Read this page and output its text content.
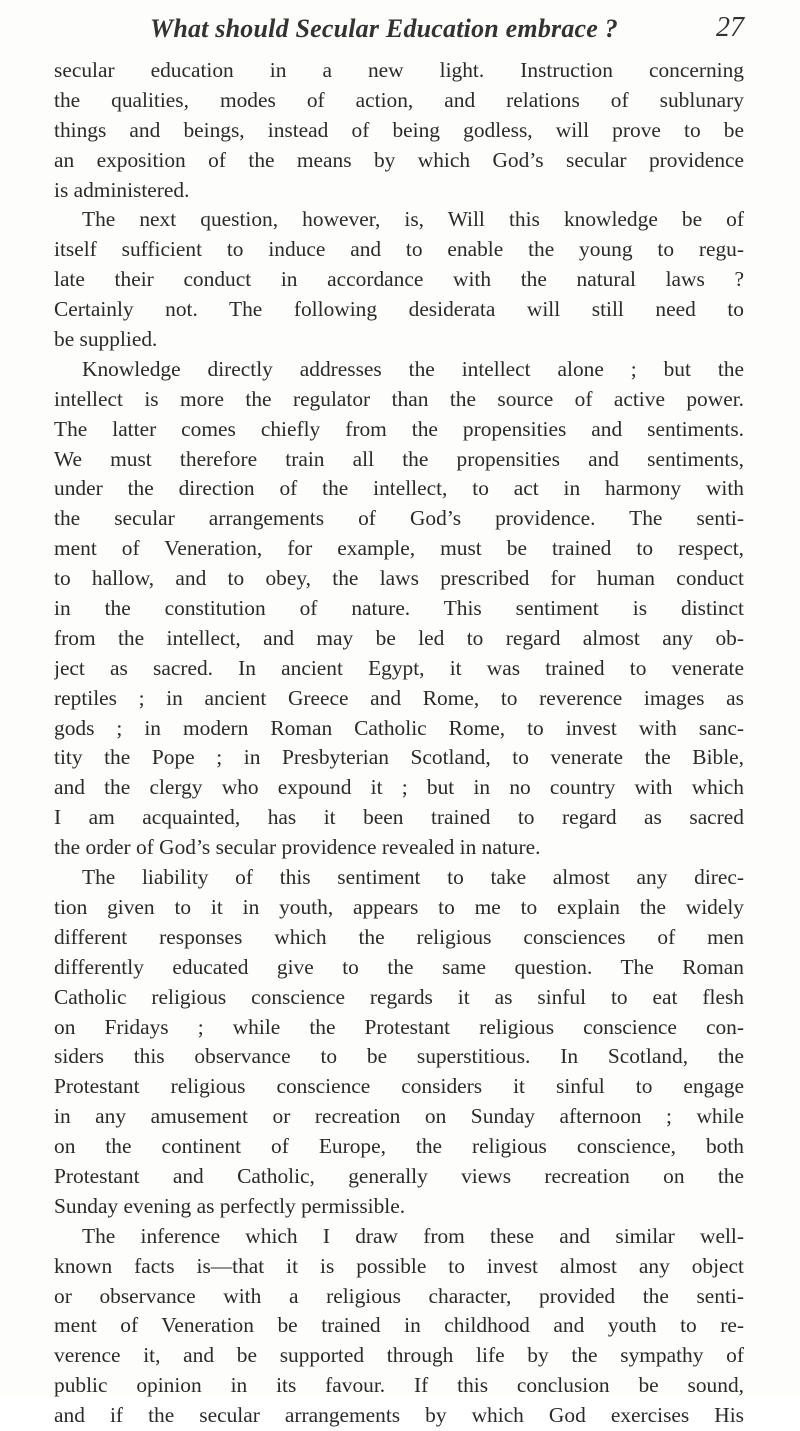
What should Secular Education embrace ?	27
secular education in a new light. Instruction concerning
the qualities, modes of action, and relations of sublunary
things and beings, instead of being godless, will prove to be
an exposition of the means by which God’s secular providence
is administered.
The next question, however, is, Will this knowledge be of
itself sufficient to induce and to enable the young to regu-
late their conduct in accordance with the natural laws ?
Certainly not. The following desiderata will still need to
be supplied.
Knowledge directly addresses the intellect alone ; but the
intellect is more the regulator than the source of active power.
The latter comes chiefly from the propensities and sentiments.
We must therefore train all the propensities and sentiments,
under the direction of the intellect, to act in harmony with
the secular arrangements of God’s providence. The senti-
ment of Veneration, for example, must be trained to respect,
to hallow, and to obey, the laws prescribed for human conduct
in the constitution of nature. This sentiment is distinct
from the intellect, and may be led to regard almost any ob-
ject as sacred. In ancient Egypt, it was trained to venerate
reptiles ; in ancient Greece and Rome, to reverence images as
gods ; in modern Roman Catholic Rome, to invest with sanc-
tity the Pope ; in Presbyterian Scotland, to venerate the Bible,
and the clergy who expound it ; but in no country with which
I am acquainted, has it been trained to regard as sacred
the order of God’s secular providence revealed in nature.
The liability of this sentiment to take almost any direc-
tion given to it in youth, appears to me to explain the widely
different responses which the religious consciences of men
differently educated give to the same question. The Roman
Catholic religious conscience regards it as sinful to eat flesh
on Fridays ; while the Protestant religious conscience con-
siders this observance to be superstitious. In Scotland, the
Protestant religious conscience considers it sinful to engage
in any amusement or recreation on Sunday afternoon ; while
on the continent of Europe, the religious conscience, both
Protestant and Catholic, generally views recreation on the
Sunday evening as perfectly permissible.
The inference which I draw from these and similar well-
known facts is—that it is possible to invest almost any object
or observance with a religious character, provided the senti-
ment of Veneration be trained in childhood and youth to re-
verence it, and be supported through life by the sympathy of
public opinion in its favour. If this conclusion be sound,
and if the secular arrangements by which God exercises His
